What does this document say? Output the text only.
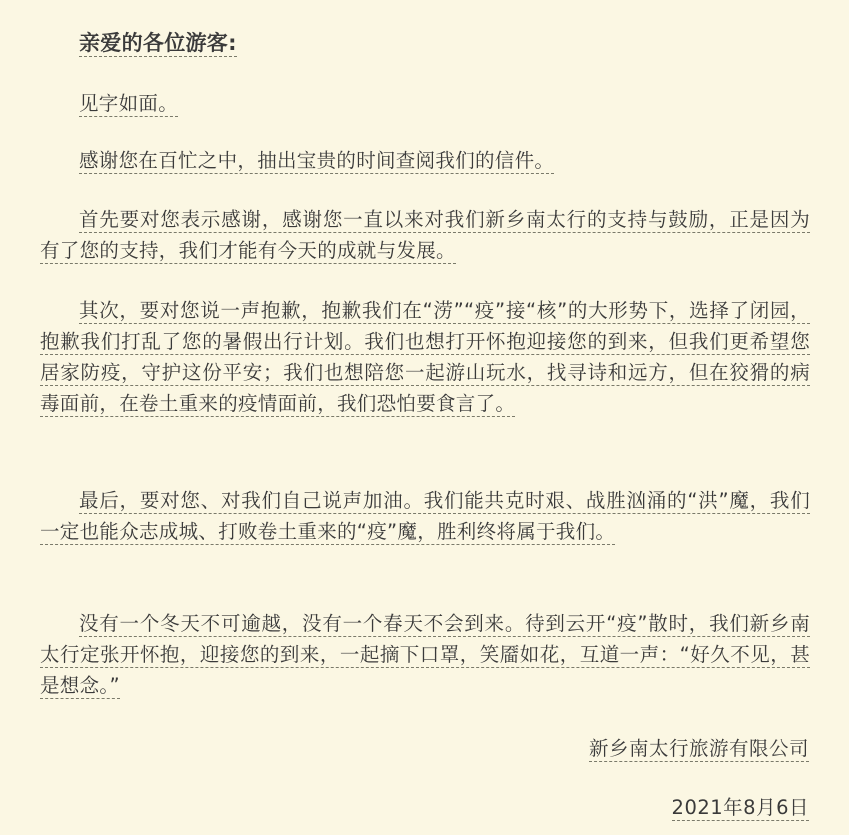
亲爱的各位游客:
见字如面。
感谢您在百忙之中，抽出宝贵的时间查阅我们的信件。
首先要对您表示感谢，感谢您一直以来对我们新乡南太行的支持与鼓励，正是因为有了您的支持，我们才能有今天的成就与发展。
其次，要对您说一声抱歉，抱歉我们在“涝”“疫”接“核”的大形势下，选择了闭园，抱歉我们打乱了您的暑假出行计划。我们也想打开怀抱迎接您的到来，但我们更希望您居家防疫，守护这份平安；我们也想陪您一起游山玩水，找寻诗和远方，但在狡猾的病毒面前，在卷土重来的疫情面前，我们恐怕要食言了。
最后，要对您、对我们自己说声加油。我们能共克时艰、战胜汹涌的“洪”魔，我们一定也能众志成城、打败卷土重来的“疫”魔，胜利终将属于我们。
没有一个冬天不可逾越，没有一个春天不会到来。待到云开“疫”散时，我们新乡南太行定张开怀抱，迎接您的到来，一起摘下口罩，笑靥如花，互道一声：“好久不见，甚是想念。”
新乡南太行旅游有限公司
2021年8月6日
